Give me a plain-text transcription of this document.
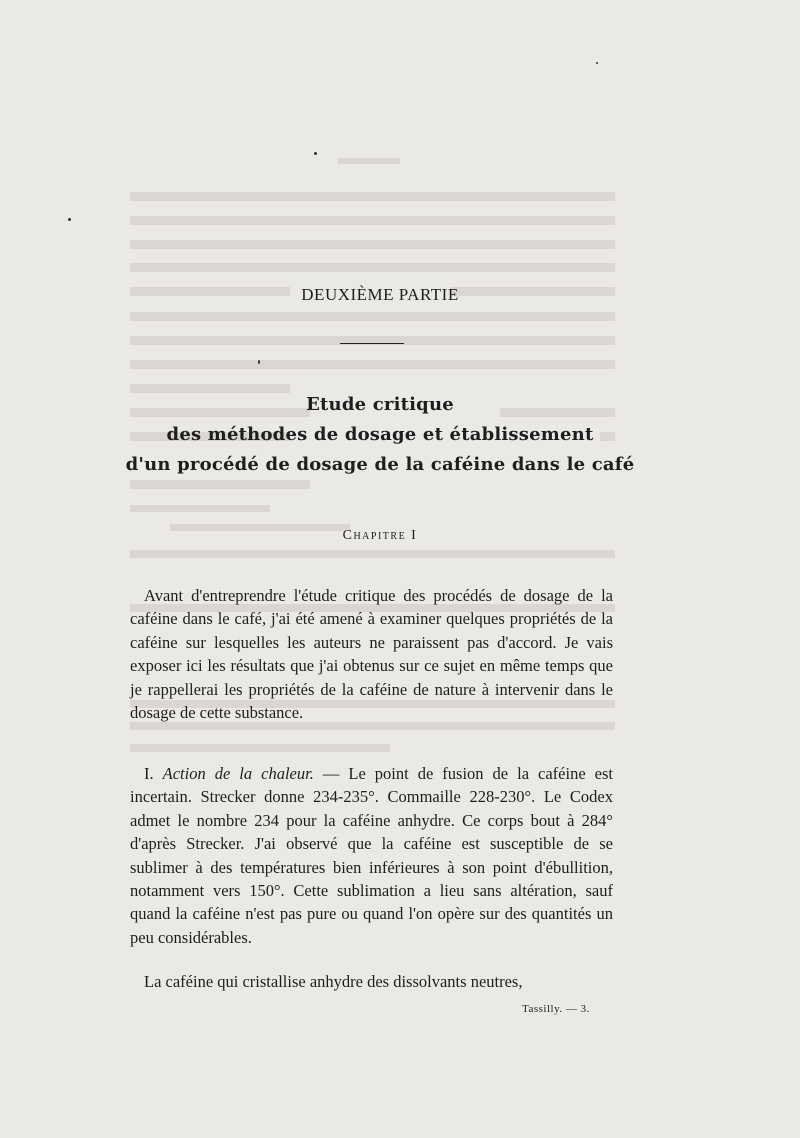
DEUXIÈME PARTIE
Etude critique
des méthodes de dosage et établissement
d'un procédé de dosage de la caféine dans le café
Chapitre I
Avant d'entreprendre l'étude critique des procédés de dosage de la caféine dans le café, j'ai été amené à examiner quelques propriétés de la caféine sur lesquelles les auteurs ne paraissent pas d'accord. Je vais exposer ici les résultats que j'ai obtenus sur ce sujet en même temps que je rappellerai les propriétés de la caféine de nature à intervenir dans le dosage de cette substance.
I. Action de la chaleur. — Le point de fusion de la caféine est incertain. Strecker donne 234-235°. Commaille 228-230°. Le Codex admet le nombre 234 pour la caféine anhydre. Ce corps bout à 284° d'après Strecker. J'ai observé que la caféine est susceptible de se sublimer à des températures bien inférieures à son point d'ébullition, notamment vers 150°. Cette sublimation a lieu sans altération, sauf quand la caféine n'est pas pure ou quand l'on opère sur des quantités un peu considérables.
La caféine qui cristallise anhydre des dissolvants neutres,
Tassilly. — 3.
